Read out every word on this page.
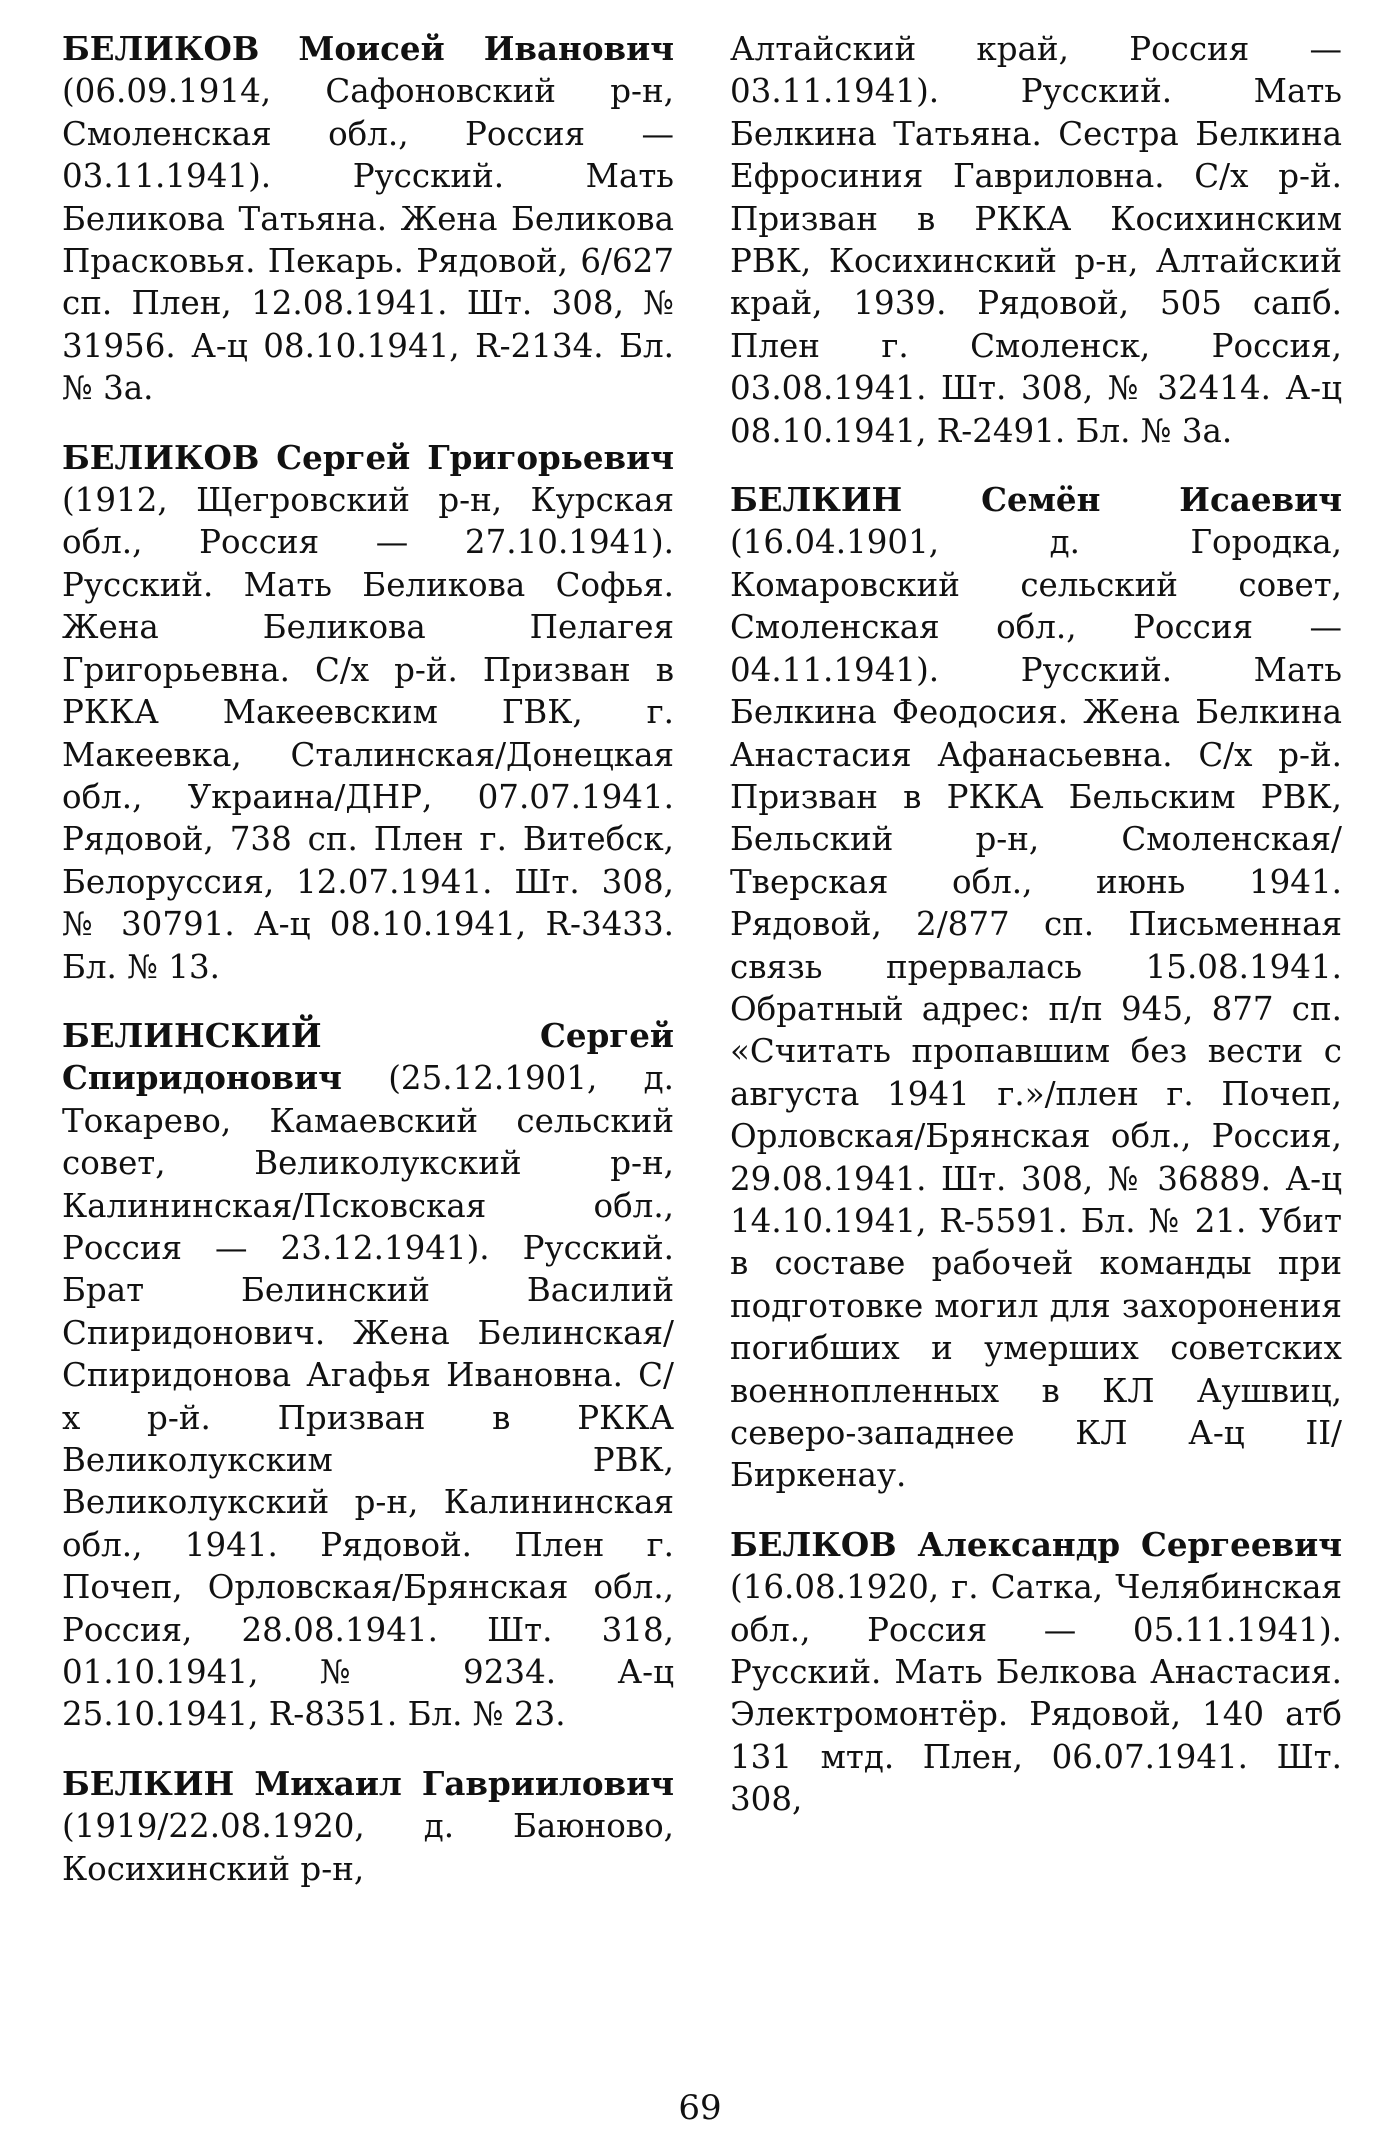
БЕЛИКОВ Моисей Иванович (06.09.1914, Сафоновский р-н, Смоленская обл., Россия — 03.11.1941). Русский. Мать Беликова Татьяна. Жена Беликова Прасковья. Пекарь. Рядовой, 6/627 сп. Плен, 12.08.1941. Шт. 308, № 31956. А-ц 08.10.1941, R-2134. Бл. № 3а.

БЕЛИКОВ Сергей Григорьевич (1912, Щегровский р-н, Курская обл., Россия — 27.10.1941). Русский. Мать Беликова Софья. Жена Беликова Пелагея Григорьевна. С/х р-й. Призван в РККА Макеевским ГВК, г. Макеевка, Сталинская/Донецкая обл., Украина/ДНР, 07.07.1941. Рядовой, 738 сп. Плен г. Витебск, Белоруссия, 12.07.1941. Шт. 308, № 30791. А-ц 08.10.1941, R-3433. Бл. № 13.

БЕЛИНСКИЙ Сергей Спиридонович (25.12.1901, д. Токарево, Камаевский сельский совет, Великолукский р-н, Калининская/Псковская обл., Россия — 23.12.1941). Русский. Брат Белинский Василий Спиридонович. Жена Белинская/Спиридонова Агафья Ивановна. С/х р-й. Призван в РККА Великолукским РВК, Великолукский р-н, Калининская обл., 1941. Рядовой. Плен г. Почеп, Орловская/Брянская обл., Россия, 28.08.1941. Шт. 318, 01.10.1941, № 9234. А-ц 25.10.1941, R-8351. Бл. № 23.

БЕЛКИН Михаил Гавриилович (1919/22.08.1920, д. Баюново, Косихинский р-н,

Алтайский край, Россия — 03.11.1941). Русский. Мать Белкина Татьяна. Сестра Белкина Ефросиния Гавриловна. С/х р-й. Призван в РККА Косихинским РВК, Косихинский р-н, Алтайский край, 1939. Рядовой, 505 сапб. Плен г. Смоленск, Россия, 03.08.1941. Шт. 308, № 32414. А-ц 08.10.1941, R-2491. Бл. № 3а.

БЕЛКИН Семён Исаевич (16.04.1901, д. Городка, Комаровский сельский совет, Смоленская обл., Россия — 04.11.1941). Русский. Мать Белкина Феодосия. Жена Белкина Анастасия Афанасьевна. С/х р-й. Призван в РККА Бельским РВК, Бельский р-н, Смоленская/Тверская обл., июнь 1941. Рядовой, 2/877 сп. Письменная связь прервалась 15.08.1941. Обратный адрес: п/п 945, 877 сп. «Считать пропавшим без вести с августа 1941 г.»/плен г. Почеп, Орловская/Брянская обл., Россия, 29.08.1941. Шт. 308, № 36889. А-ц 14.10.1941, R-5591. Бл. № 21. Убит в составе рабочей команды при подготовке могил для захоронения погибших и умерших советских военнопленных в КЛ Аушвиц, северо-западнее КЛ А-ц II/Биркенау.

БЕЛКОВ Александр Сергеевич (16.08.1920, г. Сатка, Челябинская обл., Россия — 05.11.1941). Русский. Мать Белкова Анастасия. Электромонтёр. Рядовой, 140 атб 131 мтд. Плен, 06.07.1941. Шт. 308,

69
